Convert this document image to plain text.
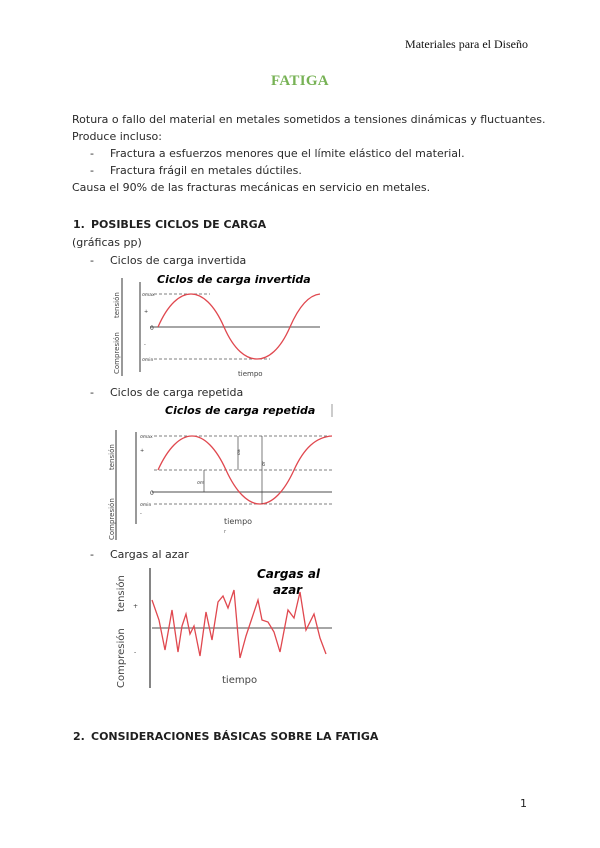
Materiales para el Diseño
FATIGA
Rotura o fallo del material en metales sometidos a tensiones dinámicas y fluctuantes.
Produce incluso:
- Fractura a esfuerzos menores que el límite elástico del material.
- Fractura frágil en metales dúctiles.
Causa el 90% de las fracturas mecánicas en servicio en metales.
1. POSIBLES CICLOS DE CARGA
(gráficas pp)
- Ciclos de carga invertida
Ciclos de carga invertida
tensión
Compresión
σmax
σmin
0
+
-
tiempo
- Ciclos de carga repetida
Ciclos de carga repetida
tensión
Compresión
σmax
σmin
σm
σa
σr
0
+
-
tiempo
r
- Cargas al azar
Cargas al
azar
tensión
Compresión
+
-
tiempo
2. CONSIDERACIONES BÁSICAS SOBRE LA FATIGA
1
